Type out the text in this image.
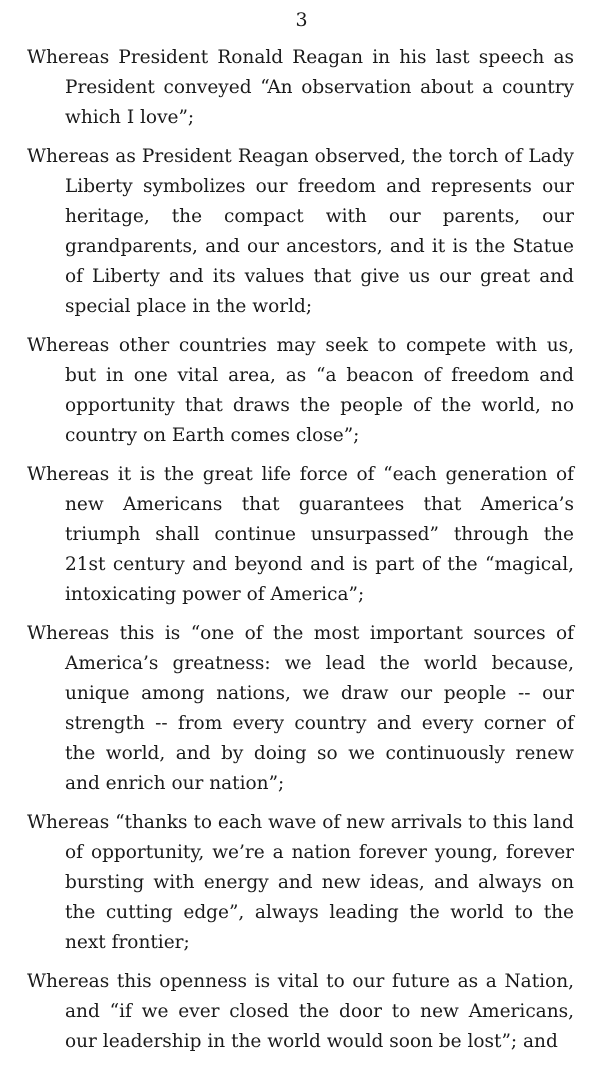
3

Whereas President Ronald Reagan in his last speech as President conveyed “An observation about a country which I love”;

Whereas as President Reagan observed, the torch of Lady Liberty symbolizes our freedom and represents our heritage, the compact with our parents, our grandparents, and our ancestors, and it is the Statue of Liberty and its values that give us our great and special place in the world;

Whereas other countries may seek to compete with us, but in one vital area, as “a beacon of freedom and opportunity that draws the people of the world, no country on Earth comes close”;

Whereas it is the great life force of “each generation of new Americans that guarantees that America’s triumph shall continue unsurpassed” through the 21st century and beyond and is part of the “magical, intoxicating power of America”;

Whereas this is “one of the most important sources of America’s greatness: we lead the world because, unique among nations, we draw our people -- our strength -- from every country and every corner of the world, and by doing so we continuously renew and enrich our nation”;

Whereas “thanks to each wave of new arrivals to this land of opportunity, we’re a nation forever young, forever bursting with energy and new ideas, and always on the cutting edge”, always leading the world to the next frontier;

Whereas this openness is vital to our future as a Nation, and “if we ever closed the door to new Americans, our leadership in the world would soon be lost”; and
